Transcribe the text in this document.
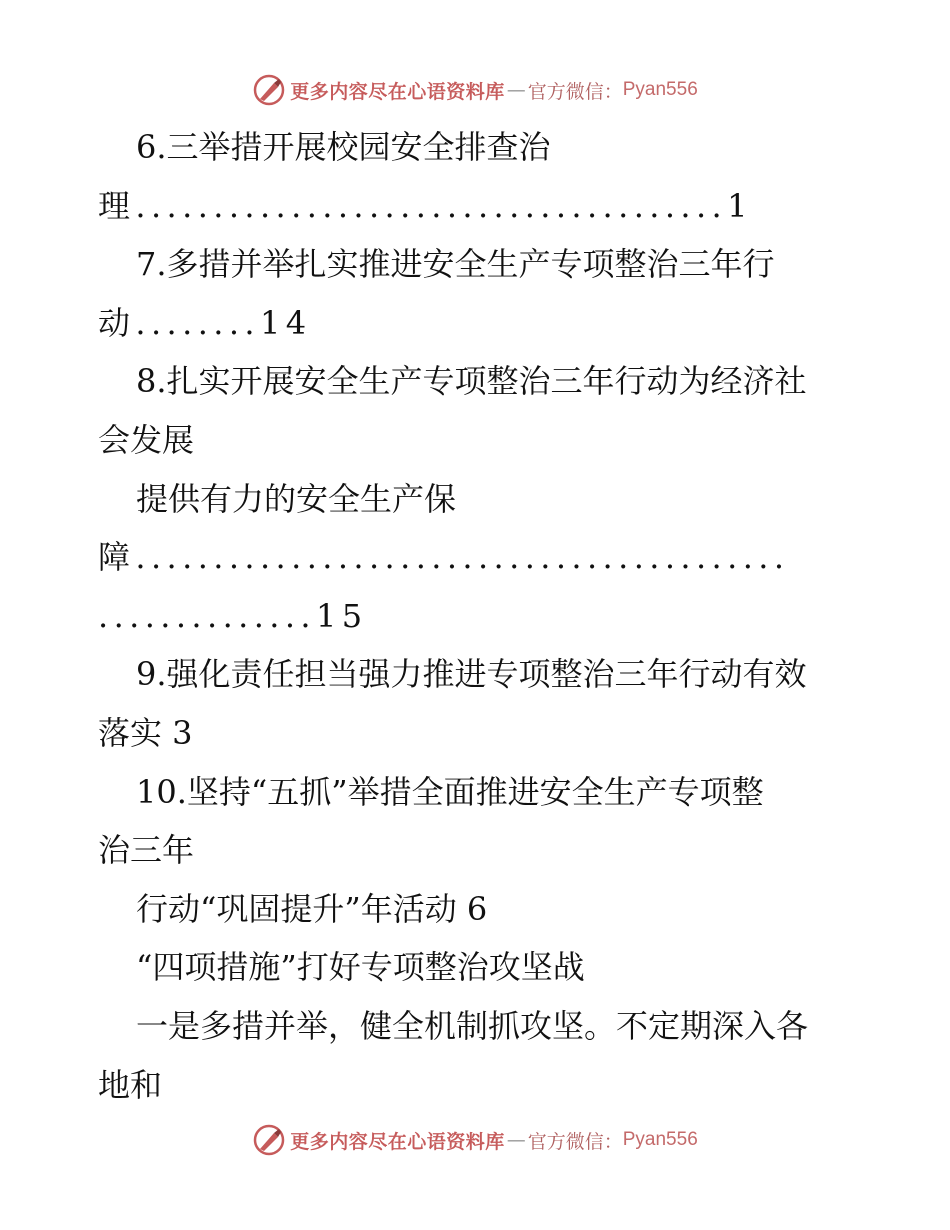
更多内容尽在心语资料库 — 官方微信： Pyan556
6.三举措开展校园安全排查治
理......................................1
7.多措并举扎实推进安全生产专项整治三年行
动........14
8.扎实开展安全生产专项整治三年行动为经济社
会发展
提供有力的安全生产保
障..........................................
..............15
9.强化责任担当强力推进专项整治三年行动有效
落实 3
10.坚持“五抓”举措全面推进安全生产专项整
治三年
行动“巩固提升”年活动 6
“四项措施”打好专项整治攻坚战
一是多措并举，健全机制抓攻坚。不定期深入各
地和
更多内容尽在心语资料库 — 官方微信： Pyan556
